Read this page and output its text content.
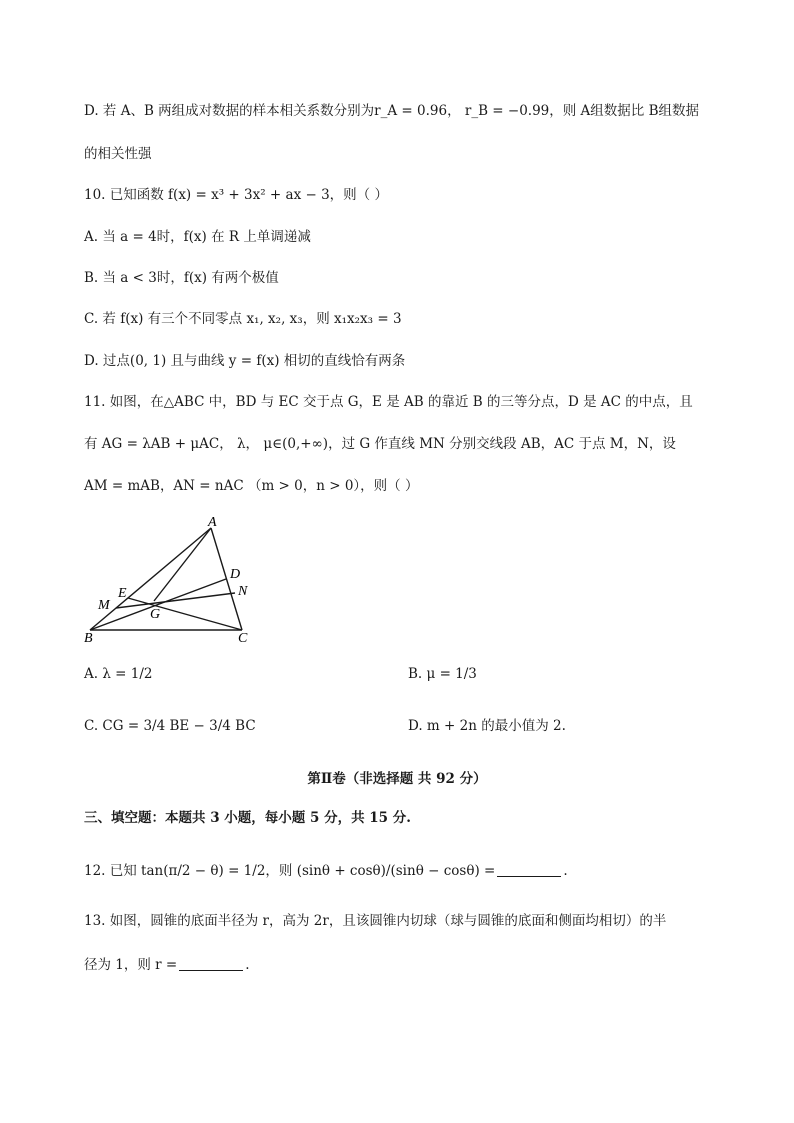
D. 若 A、B 两组成对数据的样本相关系数分别为r_A = 0.96， r_B = −0.99，则 A组数据比 B组数据
的相关性强
10. 已知函数 f(x) = x³ + 3x² + ax − 3，则（ ）
A. 当 a = 4时，f(x) 在 R 上单调递减
B. 当 a < 3时，f(x) 有两个极值
C. 若 f(x) 有三个不同零点 x₁, x₂, x₃，则 x₁x₂x₃ = 3
D. 过点(0, 1) 且与曲线 y = f(x) 相切的直线恰有两条
11. 如图，在△ABC 中，BD 与 EC 交于点 G，E 是 AB 的靠近 B 的三等分点，D 是 AC 的中点，且
有 AG = λAB + μAC， λ， μ∈(0,+∞)，过 G 作直线 MN 分别交线段 AB，AC 于点 M，N，设
AM = mAB，AN = nAC （m > 0，n > 0），则（ ）
A
B	C
D
E
G
M
N
A. λ = 1/2	B. μ = 1/3
C. CG = 3/4 BE − 3/4 BC	D. m + 2n 的最小值为 2.
第Ⅱ卷（非选择题 共 92 分）
三、填空题：本题共 3 小题，每小题 5 分，共 15 分.
12. 已知 tan(π/2 − θ) = 1/2，则 (sinθ + cosθ)/(sinθ − cosθ) =	.
13. 如图，圆锥的底面半径为 r，高为 2r，且该圆锥内切球（球与圆锥的底面和侧面均相切）的半
径为 1，则 r =	.
